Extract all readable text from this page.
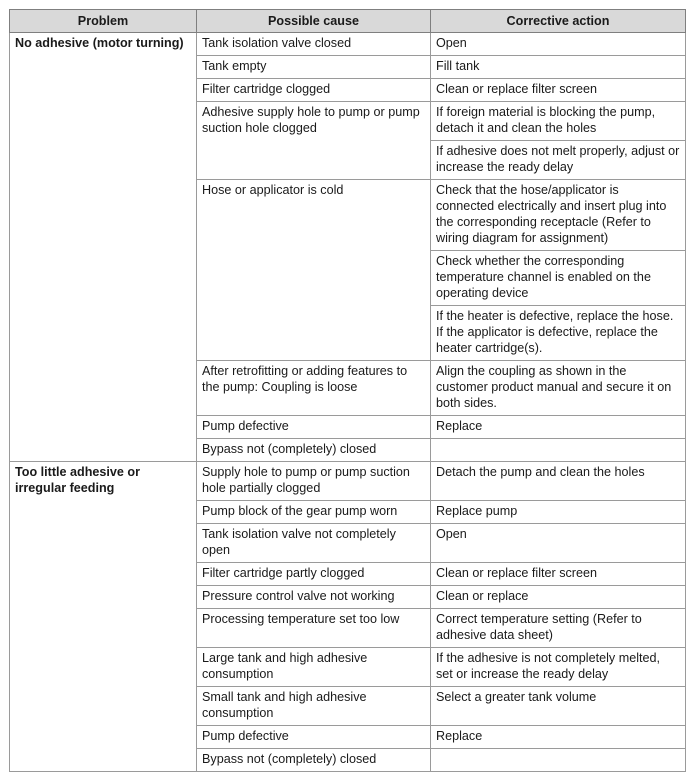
Problem	Possible cause	Corrective action
No adhesive (motor turning)	Tank isolation valve closed	Open
	Tank empty	Fill tank
	Filter cartridge clogged	Clean or replace filter screen
	Adhesive supply hole to pump or pump suction hole clogged	If foreign material is blocking the pump, detach it and clean the holes
		If adhesive does not melt properly, adjust or increase the ready delay
	Hose or applicator is cold	Check that the hose/applicator is connected electrically and insert plug into the corresponding receptacle (Refer to wiring diagram for assignment)
		Check whether the corresponding temperature channel is enabled on the operating device
		If the heater is defective, replace the hose. If the applicator is defective, replace the heater cartridge(s).
	After retrofitting or adding features to the pump: Coupling is loose	Align the coupling as shown in the customer product manual and secure it on both sides.
	Pump defective	Replace
	Bypass not (completely) closed	
Too little adhesive or irregular feeding	Supply hole to pump or pump suction hole partially clogged	Detach the pump and clean the holes
	Pump block of the gear pump worn	Replace pump
	Tank isolation valve not completely open	Open
	Filter cartridge partly clogged	Clean or replace filter screen
	Pressure control valve not working	Clean or replace
	Processing temperature set too low	Correct temperature setting (Refer to adhesive data sheet)
	Large tank and high adhesive consumption	If the adhesive is not completely melted, set or increase the ready delay
	Small tank and high adhesive consumption	Select a greater tank volume
	Pump defective	Replace
	Bypass not (completely) closed	
